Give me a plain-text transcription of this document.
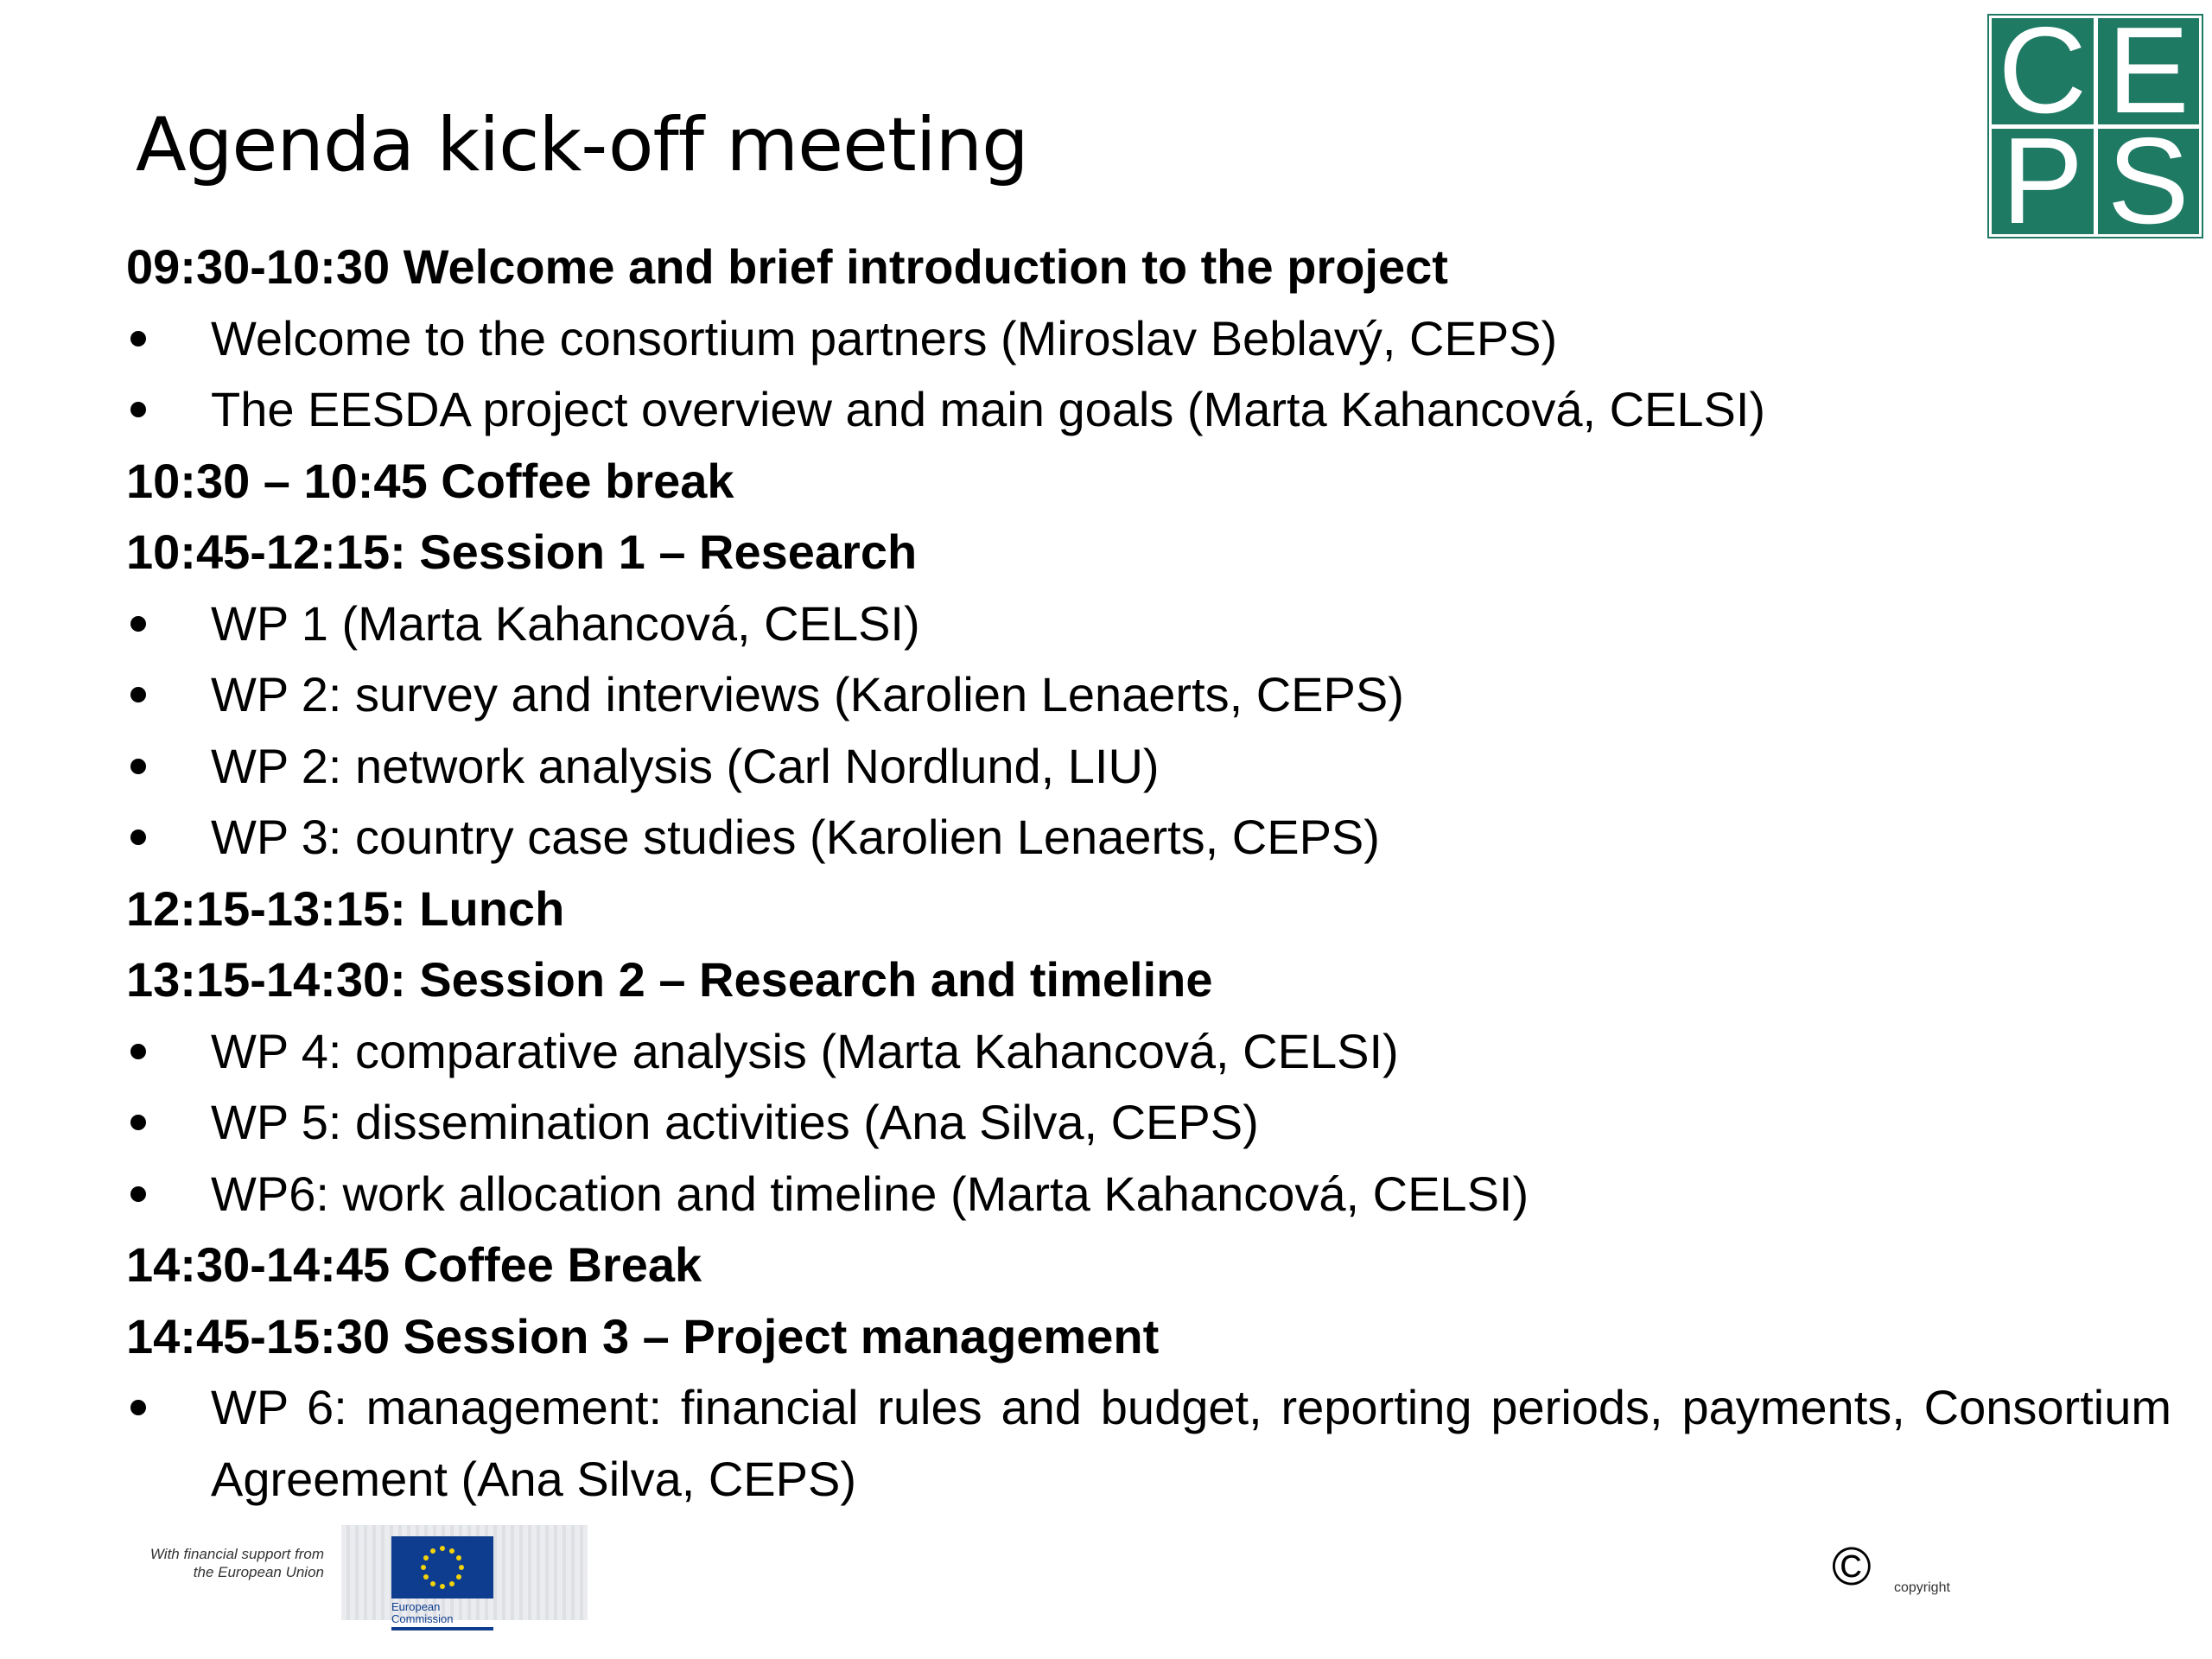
Agenda kick-off meeting
C E
P S
09:30-10:30 Welcome and brief introduction to the project
Welcome to the consortium partners (Miroslav Beblavý, CEPS)
The EESDA project overview and main goals (Marta Kahancová, CELSI)
10:30 – 10:45 Coffee break
10:45-12:15: Session 1 – Research
WP 1 (Marta Kahancová, CELSI)
WP 2: survey and interviews (Karolien Lenaerts, CEPS)
WP 2: network analysis (Carl Nordlund, LIU)
WP 3: country case studies (Karolien Lenaerts, CEPS)
12:15-13:15: Lunch
13:15-14:30: Session 2 – Research and timeline
WP 4: comparative analysis (Marta Kahancová, CELSI)
WP 5: dissemination activities (Ana Silva, CEPS)
WP6: work allocation and timeline (Marta Kahancová, CELSI)
14:30-14:45 Coffee Break
14:45-15:30 Session 3 – Project management
WP 6: management: financial rules and budget, reporting periods, payments, Consortium Agreement (Ana Silva, CEPS)
With financial support from the European Union
European Commission
© copyright
